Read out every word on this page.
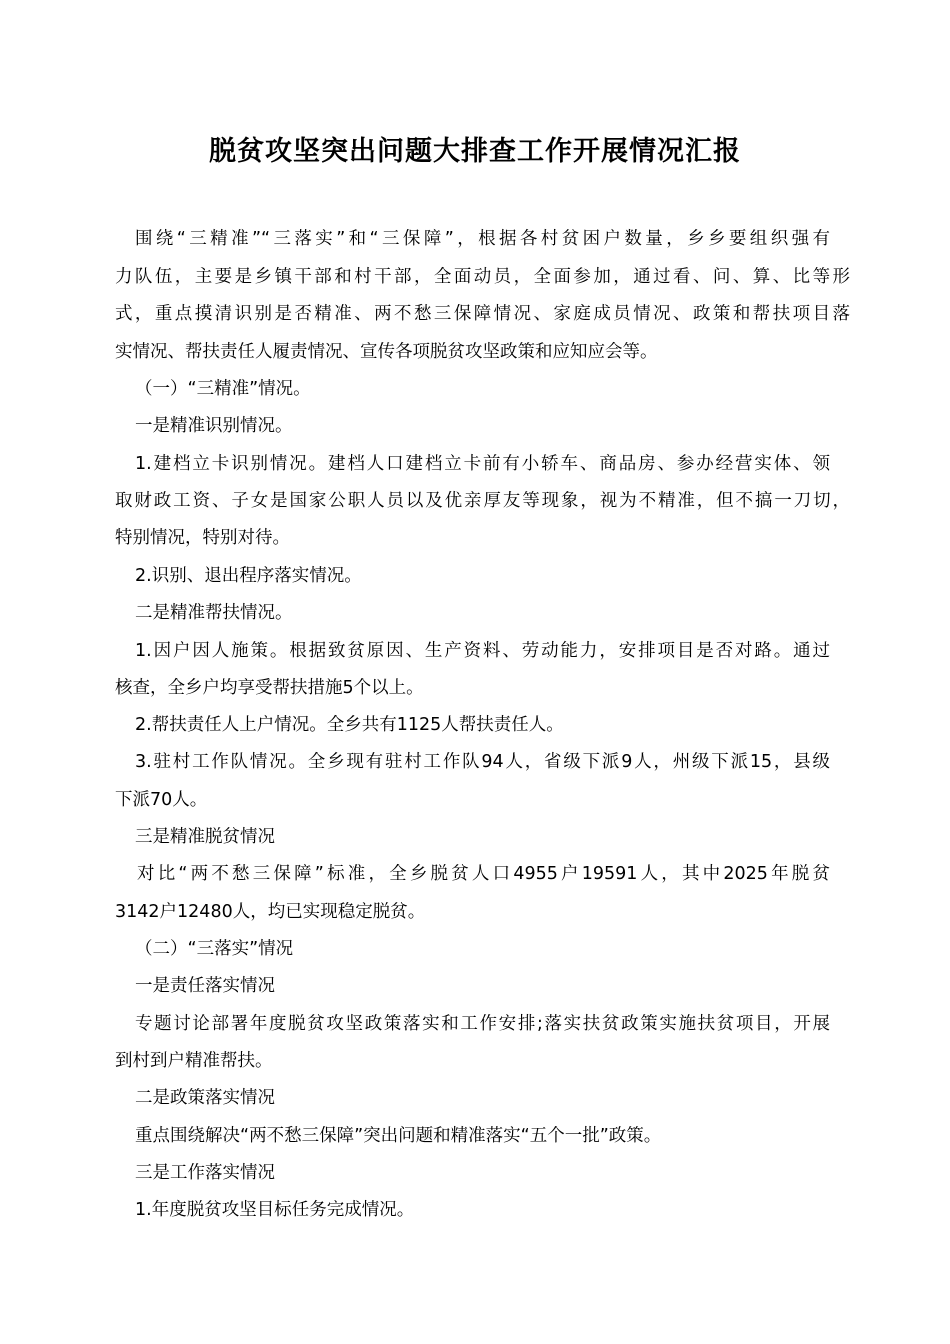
脱贫攻坚突出问题大排查工作开展情况汇报

围绕“三精准”“三落实”和“三保障”，根据各村贫困户数量，乡乡要组织强有

力队伍，主要是乡镇干部和村干部，全面动员，全面参加，通过看、问、算、比等形

式，重点摸清识别是否精准、两不愁三保障情况、家庭成员情况、政策和帮扶项目落

实情况、帮扶责任人履责情况、宣传各项脱贫攻坚政策和应知应会等。

（一）“三精准”情况。

一是精准识别情况。

1.建档立卡识别情况。建档人口建档立卡前有小轿车、商品房、参办经营实体、领

取财政工资、子女是国家公职人员以及优亲厚友等现象，视为不精准，但不搞一刀切，

特别情况，特别对待。

2.识别、退出程序落实情况。

二是精准帮扶情况。

1.因户因人施策。根据致贫原因、生产资料、劳动能力，安排项目是否对路。通过

核查，全乡户均享受帮扶措施5个以上。

2.帮扶责任人上户情况。全乡共有1125人帮扶责任人。

3.驻村工作队情况。全乡现有驻村工作队94人，省级下派9人，州级下派15，县级

下派70人。

三是精准脱贫情况

对比“两不愁三保障”标准，全乡脱贫人口4955户19591人，其中2025年脱贫

3142户12480人，均已实现稳定脱贫。

（二）“三落实”情况

一是责任落实情况

专题讨论部署年度脱贫攻坚政策落实和工作安排;落实扶贫政策实施扶贫项目，开展

到村到户精准帮扶。

二是政策落实情况

重点围绕解决“两不愁三保障”突出问题和精准落实“五个一批”政策。

三是工作落实情况

1.年度脱贫攻坚目标任务完成情况。
